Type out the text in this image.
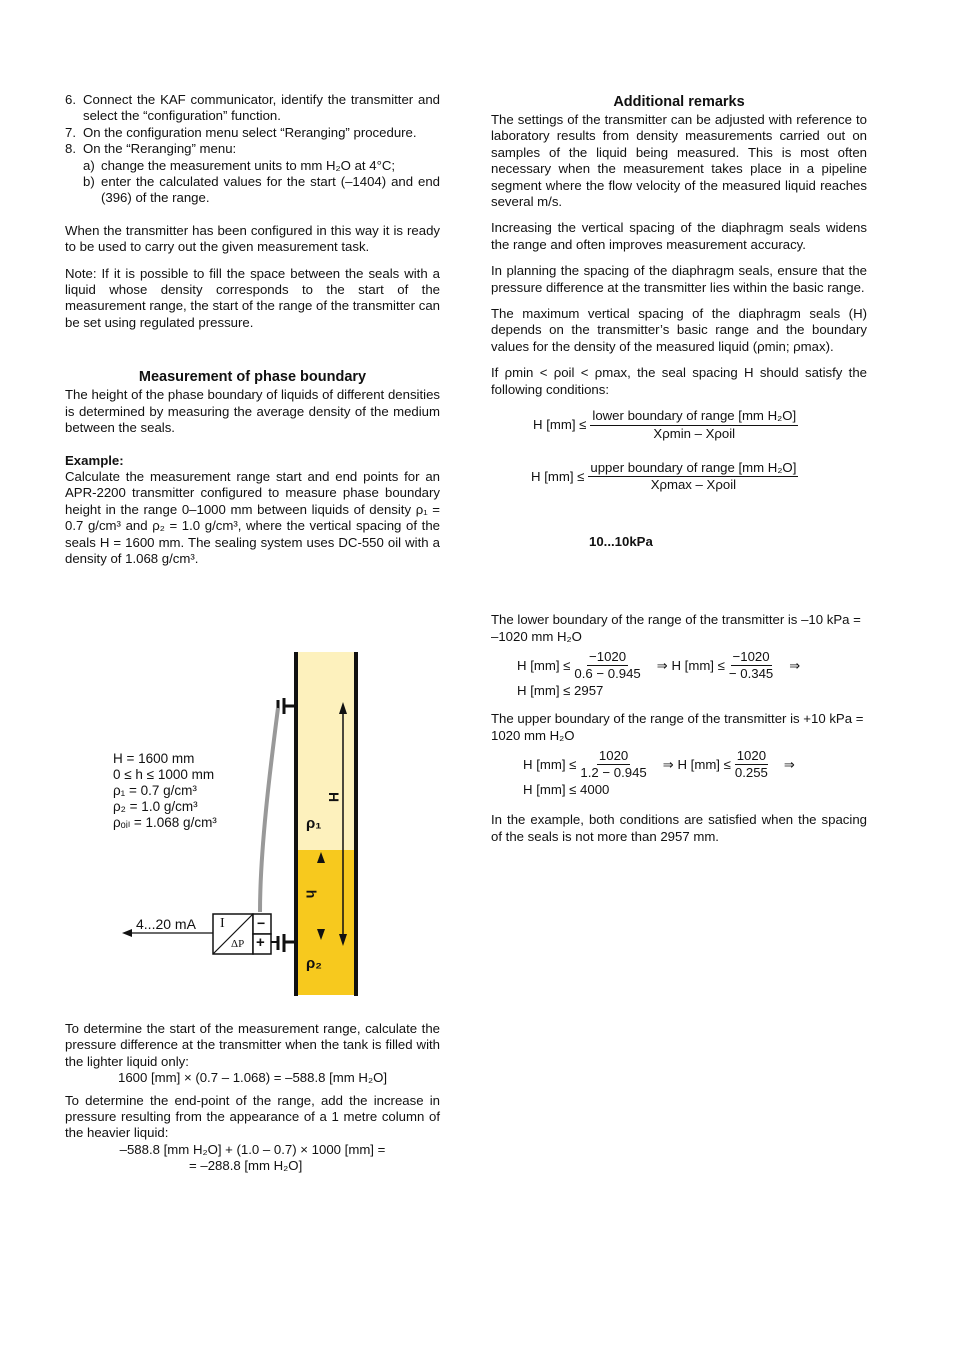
6. Connect the KAF communicator, identify the transmitter and select the “configuration” function.
7. On the configuration menu select “Reranging” procedure.
8. On the “Reranging” menu:
a) change the measurement units to mm H₂O at 4°C;
b) enter the calculated values for the start (–1404) and end (396) of the range.

When the transmitter has been configured in this way it is ready to be used to carry out the given measurement task.

Note: If it is possible to fill the space between the seals with a liquid whose density corresponds to the start of the measurement range, the start of the range of the transmitter can be set using regulated pressure.

Measurement of phase boundary

The height of the phase boundary of liquids of different densities is determined by measuring the average density of the medium between the seals.

Example:

Calculate the measurement range start and end points for an APR-2200 transmitter configured to measure phase boundary height in the range 0–1000 mm between liquids of density ρ₁ = 0.7 g/cm³ and ρ₂ = 1.0 g/cm³, where the vertical spacing of the seals H = 1600 mm. The sealing system uses DC-550 oil with a density of 1.068 g/cm³.

H = 1600 mm
0 ≤ h ≤ 1000 mm
ρ₁ = 0.7 g/cm³
ρ₂ = 1.0 g/cm³
ρₒᵢₗ = 1.068 g/cm³
4...20 mA
H
h
ρ₁
ρ₂
I
ΔP
−
+

To determine the start of the measurement range, calculate the pressure difference at the transmitter when the tank is filled with the lighter liquid only:

1600 [mm] × (0.7 – 1.068) = –588.8 [mm H₂O]

To determine the end-point of the range, add the increase in pressure resulting from the appearance of a 1 metre column of the heavier liquid:

–588.8 [mm H₂O] + (1.0 – 0.7) × 1000 [mm] =
= –288.8 [mm H₂O]
Additional remarks

The settings of the transmitter can be adjusted with reference to laboratory results from density measurements carried out on samples of the liquid being measured. This is most often necessary when the measurement takes place in a pipeline segment where the flow velocity of the measured liquid reaches several m/s.

Increasing the vertical spacing of the diaphragm seals widens the range and often improves measurement accuracy.

In planning the spacing of the diaphragm seals, ensure that the pressure difference at the transmitter lies within the basic range.

The maximum vertical spacing of the diaphragm seals (H) depends on the transmitter’s basic range and the boundary values for the density of the measured liquid (ρmin; ρmax).

If ρmin < ρoil < ρmax, the seal spacing H should satisfy the following conditions:

H $[mm] \le \frac{\text{lower boundary of range [mm H₂O]}}{\text{Xρmin – Xρoil}}$
H $[mm] \le \frac{\text{upper boundary of range [mm H₂O]}}{\text{Xρmax – Xρoil}}$
10...10kPa

The lower boundary of the range of the transmitter is –10 kPa = –1020 mm H₂O

H $[mm] \le \frac{-1020}{0.6 - 0.945}$ ⇒ H $[mm] \le \frac{-1020}{- 0.345}$ ⇒
H [mm] ≤ 2957

The upper boundary of the range of the transmitter is +10 kPa = 1020 mm H₂O

H $[mm] \le \frac{1020}{1.2 - 0.945}$ ⇒ H $[mm] \le \frac{1020}{0.255}$ ⇒
H [mm] ≤ 4000

In the example, both conditions are satisfied when the spacing of the seals is not more than 2957 mm.
